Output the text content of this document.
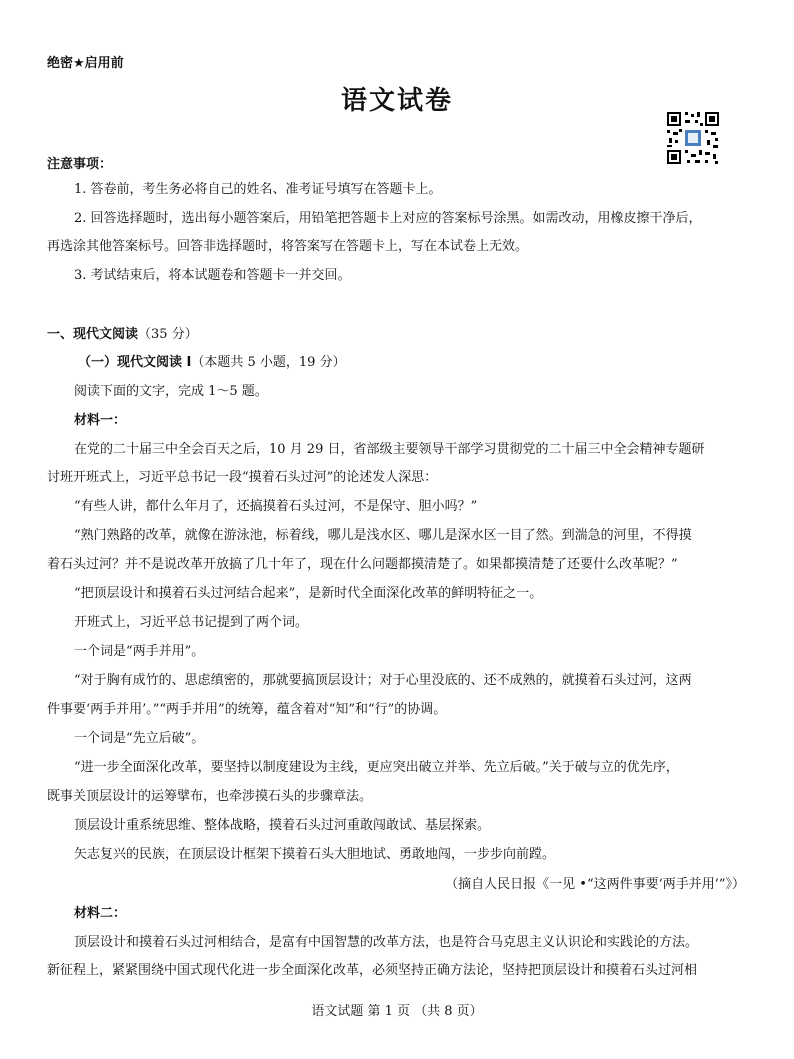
绝密★启用前
语文试卷
注意事项：
1. 答卷前，考生务必将自己的姓名、准考证号填写在答题卡上。
2. 回答选择题时，选出每小题答案后，用铅笔把答题卡上对应的答案标号涂黑。如需改动，用橡皮擦干净后，
再选涂其他答案标号。回答非选择题时，将答案写在答题卡上，写在本试卷上无效。
3. 考试结束后，将本试题卷和答题卡一并交回。
一、现代文阅读（35 分）
（一）现代文阅读 I（本题共 5 小题，19 分）
阅读下面的文字，完成 1～5 题。
材料一：
在党的二十届三中全会百天之后，10 月 29 日，省部级主要领导干部学习贯彻党的二十届三中全会精神专题研
讨班开班式上，习近平总书记一段“摸着石头过河”的论述发人深思：
“有些人讲，都什么年月了，还搞摸着石头过河，不是保守、胆小吗？”
“熟门熟路的改革，就像在游泳池，标着线，哪儿是浅水区、哪儿是深水区一目了然。到湍急的河里，不得摸
着石头过河？并不是说改革开放搞了几十年了，现在什么问题都摸清楚了。如果都摸清楚了还要什么改革呢？”
“把顶层设计和摸着石头过河结合起来”，是新时代全面深化改革的鲜明特征之一。
开班式上，习近平总书记提到了两个词。
一个词是“两手并用”。
“对于胸有成竹的、思虑缜密的，那就要搞顶层设计；对于心里没底的、还不成熟的，就摸着石头过河，这两
件事要‘两手并用’。”“两手并用”的统筹，蕴含着对“知”和“行”的协调。
一个词是“先立后破”。
“进一步全面深化改革，要坚持以制度建设为主线，更应突出破立并举、先立后破。”关于破与立的优先序，
既事关顶层设计的运筹擘布，也牵涉摸石头的步骤章法。
顶层设计重系统思维、整体战略，摸着石头过河重敢闯敢试、基层探索。
矢志复兴的民族，在顶层设计框架下摸着石头大胆地试、勇敢地闯，一步步向前蹚。
（摘自人民日报《一见 •“这两件事要‘两手并用’”》）
材料二：
顶层设计和摸着石头过河相结合，是富有中国智慧的改革方法，也是符合马克思主义认识论和实践论的方法。
新征程上，紧紧围绕中国式现代化进一步全面深化改革，必须坚持正确方法论，坚持把顶层设计和摸着石头过河相
语文试题 第 1 页 （共 8 页）
